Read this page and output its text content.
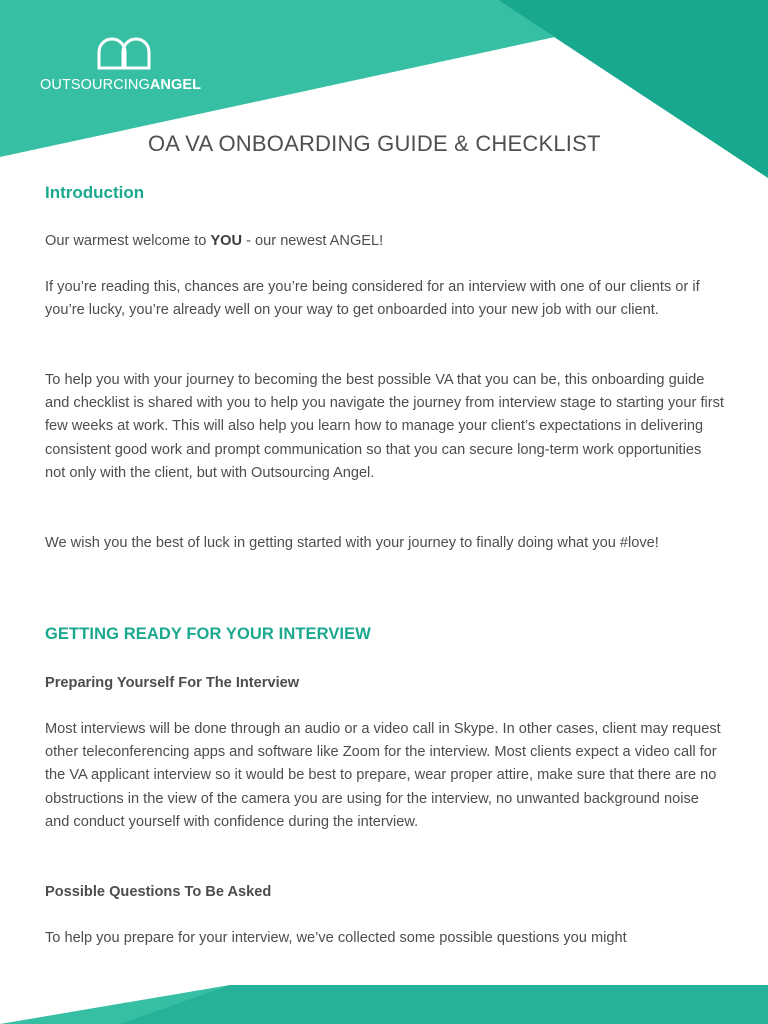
OUTSOURCINGANGEL
OA VA ONBOARDING GUIDE & CHECKLIST
Introduction

Our warmest welcome to YOU - our newest ANGEL!

If you’re reading this, chances are you’re being considered for an interview with one of our clients or if you’re lucky, you’re already well on your way to get onboarded into your new job with our client.

To help you with your journey to becoming the best possible VA that you can be, this onboarding guide and checklist is shared with you to help you navigate the journey from interview stage to starting your first few weeks at work. This will also help you learn how to manage your client’s expectations in delivering consistent good work and prompt communication so that you can secure long-term work opportunities not only with the client, but with Outsourcing Angel.

We wish you the best of luck in getting started with your journey to finally doing what you #love!

GETTING READY FOR YOUR INTERVIEW
Preparing Yourself For The Interview

Most interviews will be done through an audio or a video call in Skype. In other cases, client may request other teleconferencing apps and software like Zoom for the interview. Most clients expect a video call for the VA applicant interview so it would be best to prepare, wear proper attire, make sure that there are no obstructions in the view of the camera you are using for the interview, no unwanted background noise and conduct yourself with confidence during the interview.

Possible Questions To Be Asked

To help you prepare for your interview, we’ve collected some possible questions you might
